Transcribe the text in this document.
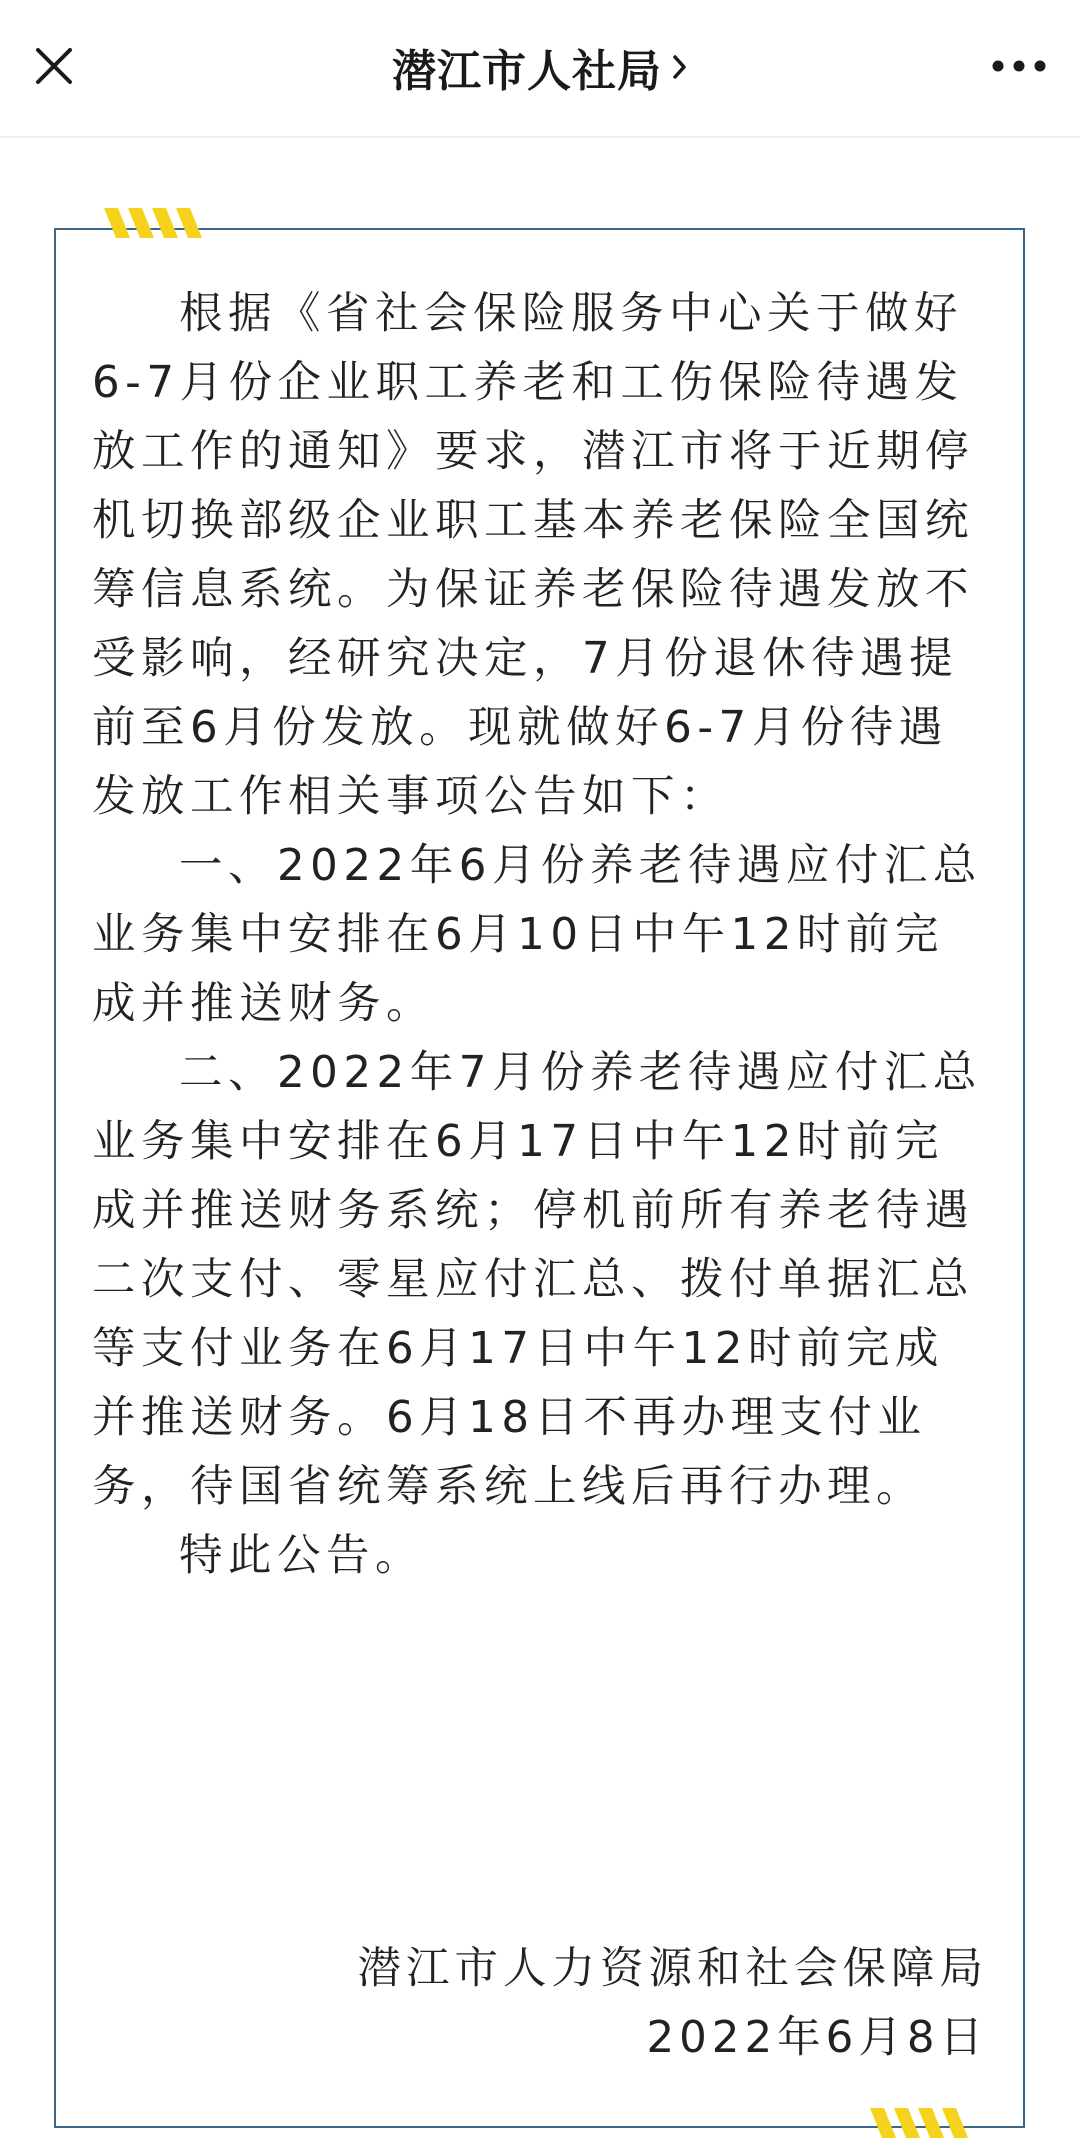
潜江市人社局

根据《省社会保险服务中心关于做好6-7月份企业职工养老和工伤保险待遇发放工作的通知》要求，潜江市将于近期停机切换部级企业职工基本养老保险全国统筹信息系统。为保证养老保险待遇发放不受影响，经研究决定，7月份退休待遇提前至6月份发放。现就做好6-7月份待遇发放工作相关事项公告如下：

一、2022年6月份养老待遇应付汇总业务集中安排在6月10日中午12时前完成并推送财务。

二、2022年7月份养老待遇应付汇总业务集中安排在6月17日中午12时前完成并推送财务系统；停机前所有养老待遇二次支付、零星应付汇总、拨付单据汇总等支付业务在6月17日中午12时前完成并推送财务。6月18日不再办理支付业务，待国省统筹系统上线后再行办理。

特此公告。

潜江市人力资源和社会保障局
2022年6月8日
